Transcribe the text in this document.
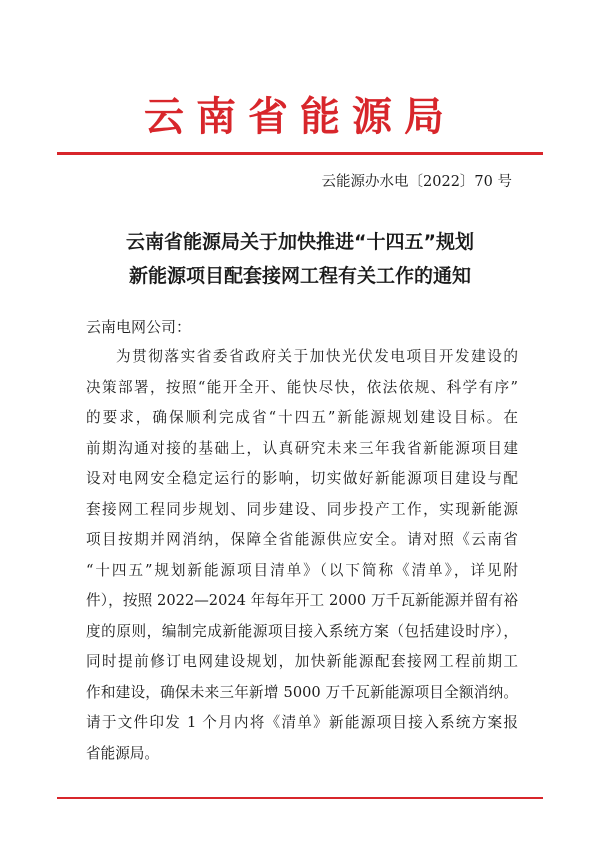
云南省能源局
云能源办水电〔2022〕70 号
云南省能源局关于加快推进“十四五”规划
新能源项目配套接网工程有关工作的通知
云南电网公司：
为贯彻落实省委省政府关于加快光伏发电项目开发建设的
决策部署，按照“能开全开、能快尽快，依法依规、科学有序”
的要求，确保顺利完成省“十四五”新能源规划建设目标。在
前期沟通对接的基础上，认真研究未来三年我省新能源项目建
设对电网安全稳定运行的影响，切实做好新能源项目建设与配
套接网工程同步规划、同步建设、同步投产工作，实现新能源
项目按期并网消纳，保障全省能源供应安全。请对照《云南省
“十四五”规划新能源项目清单》（以下简称《清单》，详见附
件），按照 2022—2024 年每年开工 2000 万千瓦新能源并留有裕
度的原则，编制完成新能源项目接入系统方案（包括建设时序），
同时提前修订电网建设规划，加快新能源配套接网工程前期工
作和建设，确保未来三年新增 5000 万千瓦新能源项目全额消纳。
请于文件印发 1 个月内将《清单》新能源项目接入系统方案报
省能源局。
